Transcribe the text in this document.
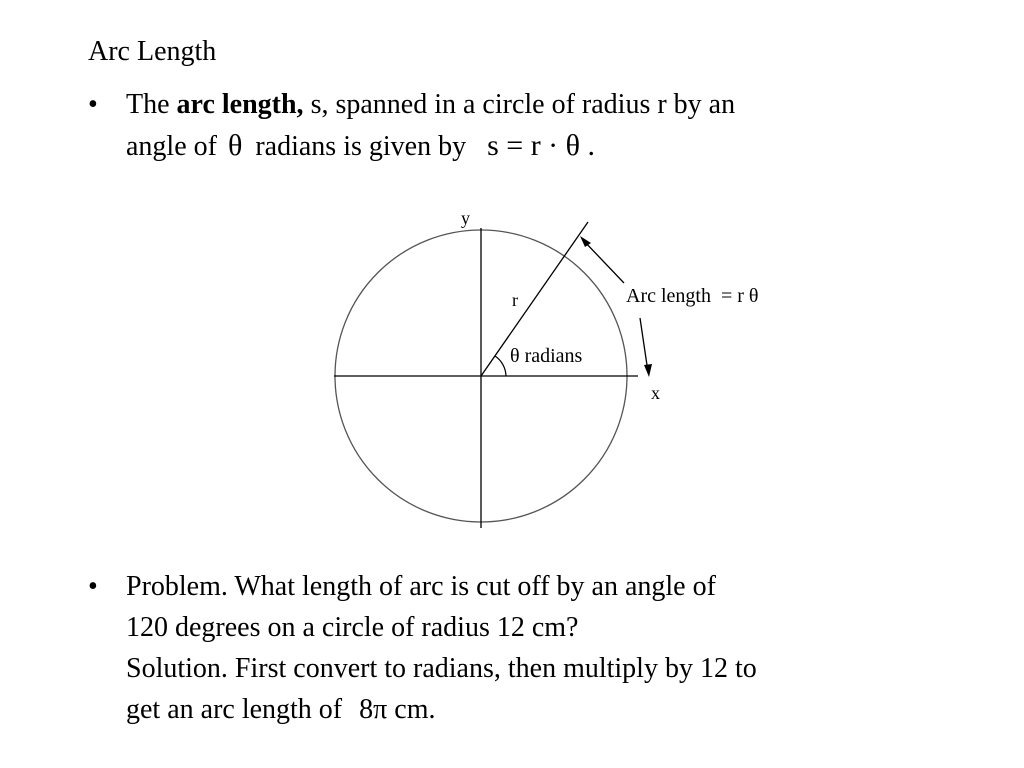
Arc Length
•	The arc length, s, spanned in a circle of radius r by an
angle of θ radians is given by s = r · θ .
y
x
r
θ radians
Arc length  = r θ
•	Problem. What length of arc is cut off by an angle of
120 degrees on a circle of radius 12 cm?
Solution. First convert to radians, then multiply by 12 to
get an arc length of 8π cm.
